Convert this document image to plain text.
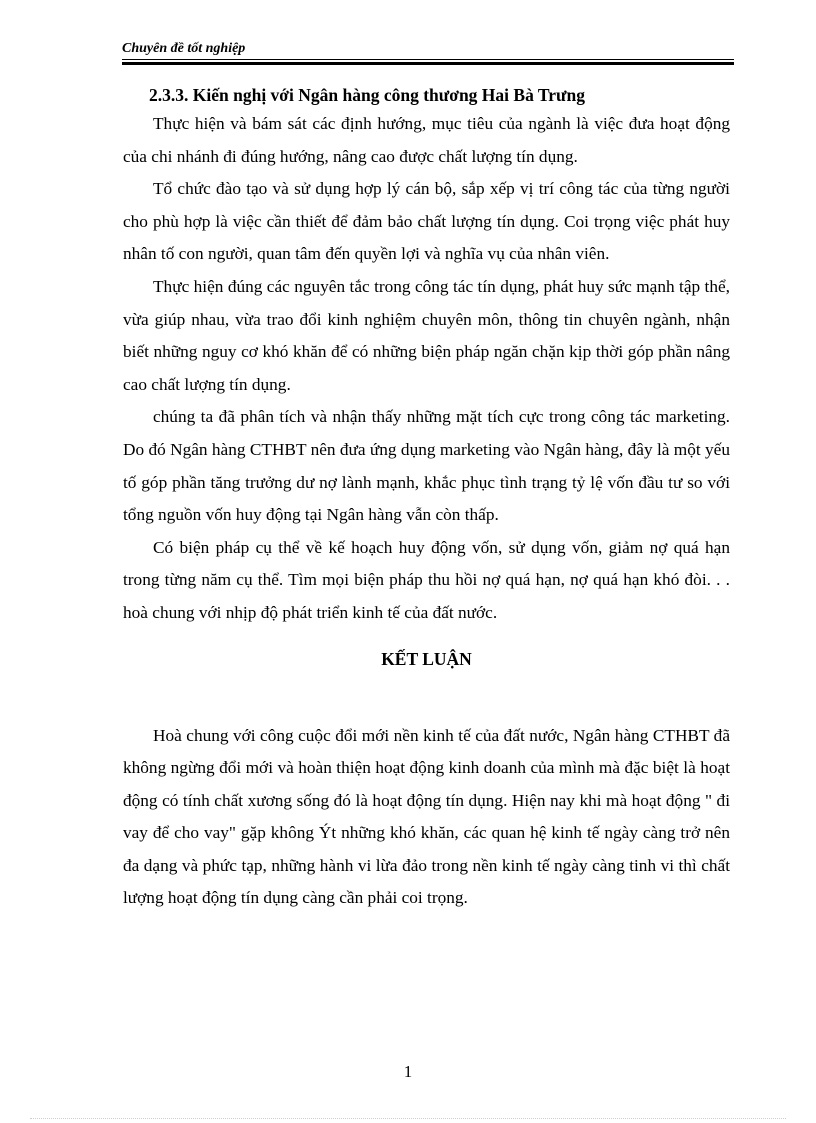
Chuyên đề tốt nghiệp
2.3.3. Kiến nghị với Ngân hàng công thương Hai Bà Trưng

Thực hiện và bám sát các định hướng, mục tiêu của ngành là việc đưa hoạt động của chi nhánh đi đúng hướng, nâng cao được chất lượng tín dụng.

Tổ chức đào tạo và sử dụng hợp lý cán bộ, sắp xếp vị trí công tác của từng người cho phù hợp là việc cần thiết để đảm bảo chất lượng tín dụng. Coi trọng việc phát huy nhân tố con người, quan tâm đến quyền lợi và nghĩa vụ của nhân viên.

Thực hiện đúng các nguyên tắc trong công tác tín dụng, phát huy sức mạnh tập thể, vừa giúp nhau, vừa trao đổi kinh nghiệm chuyên môn, thông tin chuyên ngành, nhận biết những nguy cơ khó khăn để có những biện pháp ngăn chặn kịp thời góp phần nâng cao chất lượng tín dụng.

chúng ta đã phân tích và nhận thấy những mặt tích cực trong công tác marketing. Do đó Ngân hàng CTHBT nên đưa ứng dụng marketing vào Ngân hàng, đây là một yếu tố góp phần tăng trưởng dư nợ lành mạnh, khắc phục tình trạng tỷ lệ vốn đầu tư so với tổng nguồn vốn huy động tại Ngân hàng vẫn còn thấp.

Có biện pháp cụ thể về kế hoạch huy động vốn, sử dụng vốn, giảm nợ quá hạn trong từng năm cụ thể. Tìm mọi biện pháp thu hồi nợ quá hạn, nợ quá hạn khó đòi. . . hoà chung với nhịp độ phát triển kinh tế của đất nước.

KẾT LUẬN

Hoà chung với công cuộc đổi mới nền kinh tế của đất nước, Ngân hàng CTHBT đã không ngừng đổi mới và hoàn thiện hoạt động kinh doanh của mình mà đặc biệt là hoạt động có tính chất xương sống đó là hoạt động tín dụng. Hiện nay khi mà hoạt động " đi vay để cho vay" gặp không Ýt những khó khăn, các quan hệ kinh tế ngày càng trở nên đa dạng và phức tạp, những hành vi lừa đảo trong nền kinh tế ngày càng tinh vi thì chất lượng hoạt động tín dụng càng cần phải coi trọng.

1
